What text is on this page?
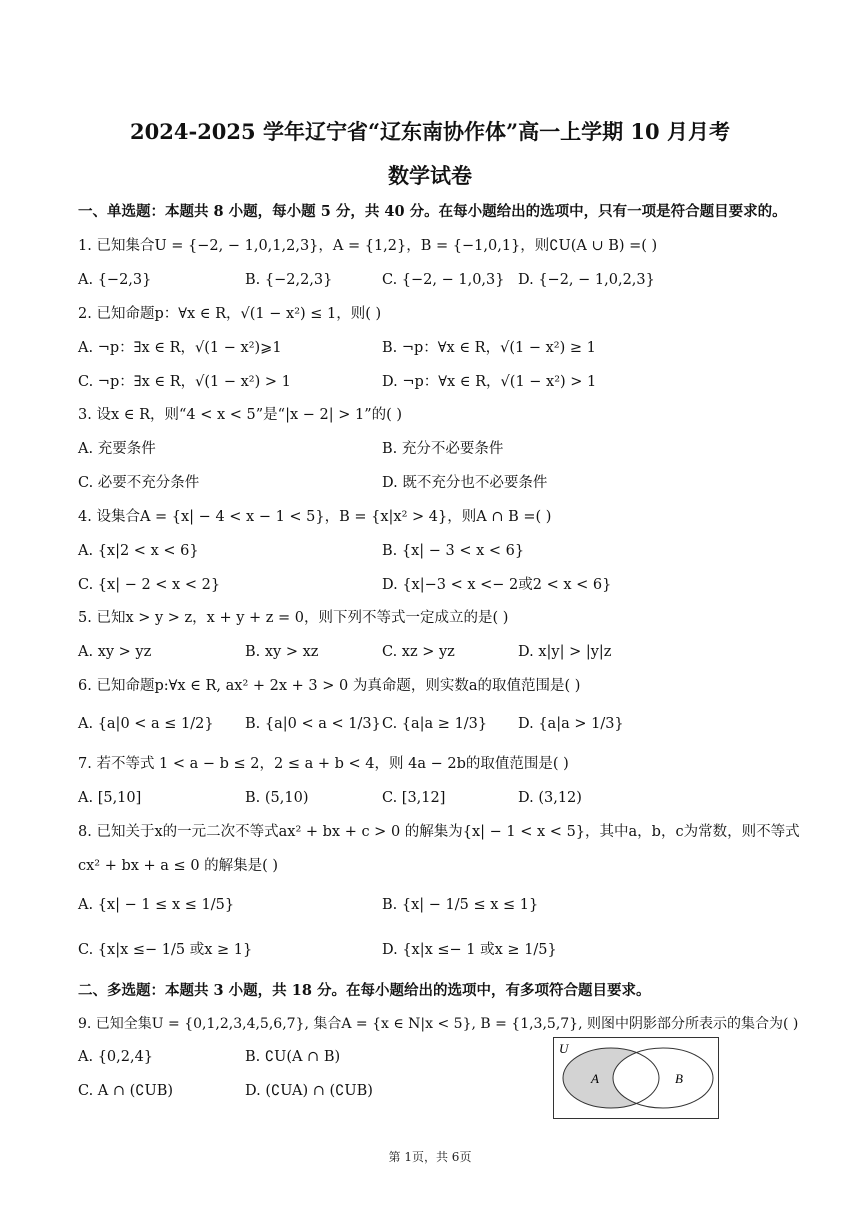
2024-2025 学年辽宁省“辽东南协作体”高一上学期 10 月月考
数学试卷
一、单选题：本题共 8 小题，每小题 5 分，共 40 分。在每小题给出的选项中，只有一项是符合题目要求的。
1. 已知集合U = {−2, − 1,0,1,2,3}，A = {1,2}，B = {−1,0,1}，则∁U(A ∪ B) =( )
A. {−2,3}	B. {−2,2,3}	C. {−2, − 1,0,3} D. {−2, − 1,0,2,3}
2. 已知命题p：∀x ∈ R，√(1 − x²) ≤ 1，则( )
A. ¬p：∃x ∈ R，√(1 − x²)⩾1	B. ¬p：∀x ∈ R，√(1 − x²) ≥ 1
C. ¬p：∃x ∈ R，√(1 − x²) > 1	D. ¬p：∀x ∈ R，√(1 − x²) > 1
3. 设x ∈ R，则“4 < x < 5”是“|x − 2| > 1”的( )
A. 充要条件	B. 充分不必要条件
C. 必要不充分条件	D. 既不充分也不必要条件
4. 设集合A = {x| − 4 < x − 1 < 5}，B = {x|x² > 4}，则A ∩ B =( )
A. {x|2 < x < 6}	B. {x| − 3 < x < 6}
C. {x| − 2 < x < 2}	D. {x|−3 < x <− 2或2 < x < 6}
5. 已知x > y > z，x + y + z = 0，则下列不等式一定成立的是( )
A. xy > yz	B. xy > xz	C. xz > yz	D. x|y| > |y|z
6. 已知命题p:∀x ∈ R, ax² + 2x + 3 > 0 为真命题，则实数a的取值范围是( )
A. {a|0 < a ≤ 1/2} B. {a|0 < a < 1/3} C. {a|a ≥ 1/3} D. {a|a > 1/3}
7. 若不等式 1 < a − b ≤ 2，2 ≤ a + b < 4，则 4a − 2b的取值范围是( )
A. [5,10]	B. (5,10)	C. [3,12]	D. (3,12)
8. 已知关于x的一元二次不等式ax² + bx + c > 0 的解集为{x| − 1 < x < 5}，其中a，b，c为常数，则不等式
cx² + bx + a ≤ 0 的解集是( )
A. {x| − 1 ≤ x ≤ 1/5}	B. {x| − 1/5 ≤ x ≤ 1}
C. {x|x ≤− 1/5 或x ≥ 1}	D. {x|x ≤− 1 或x ≥ 1/5}
二、多选题：本题共 3 小题，共 18 分。在每小题给出的选项中，有多项符合题目要求。
9. 已知全集U = {0,1,2,3,4,5,6,7}, 集合A = {x ∈ N|x < 5}, B = {1,3,5,7}, 则图中阴影部分所表示的集合为( )
A. {0,2,4}	B. ∁U(A ∩ B)
C. A ∩ (∁UB)	D. (∁UA) ∩ (∁UB)
U
A	B
第 1页，共 6页
